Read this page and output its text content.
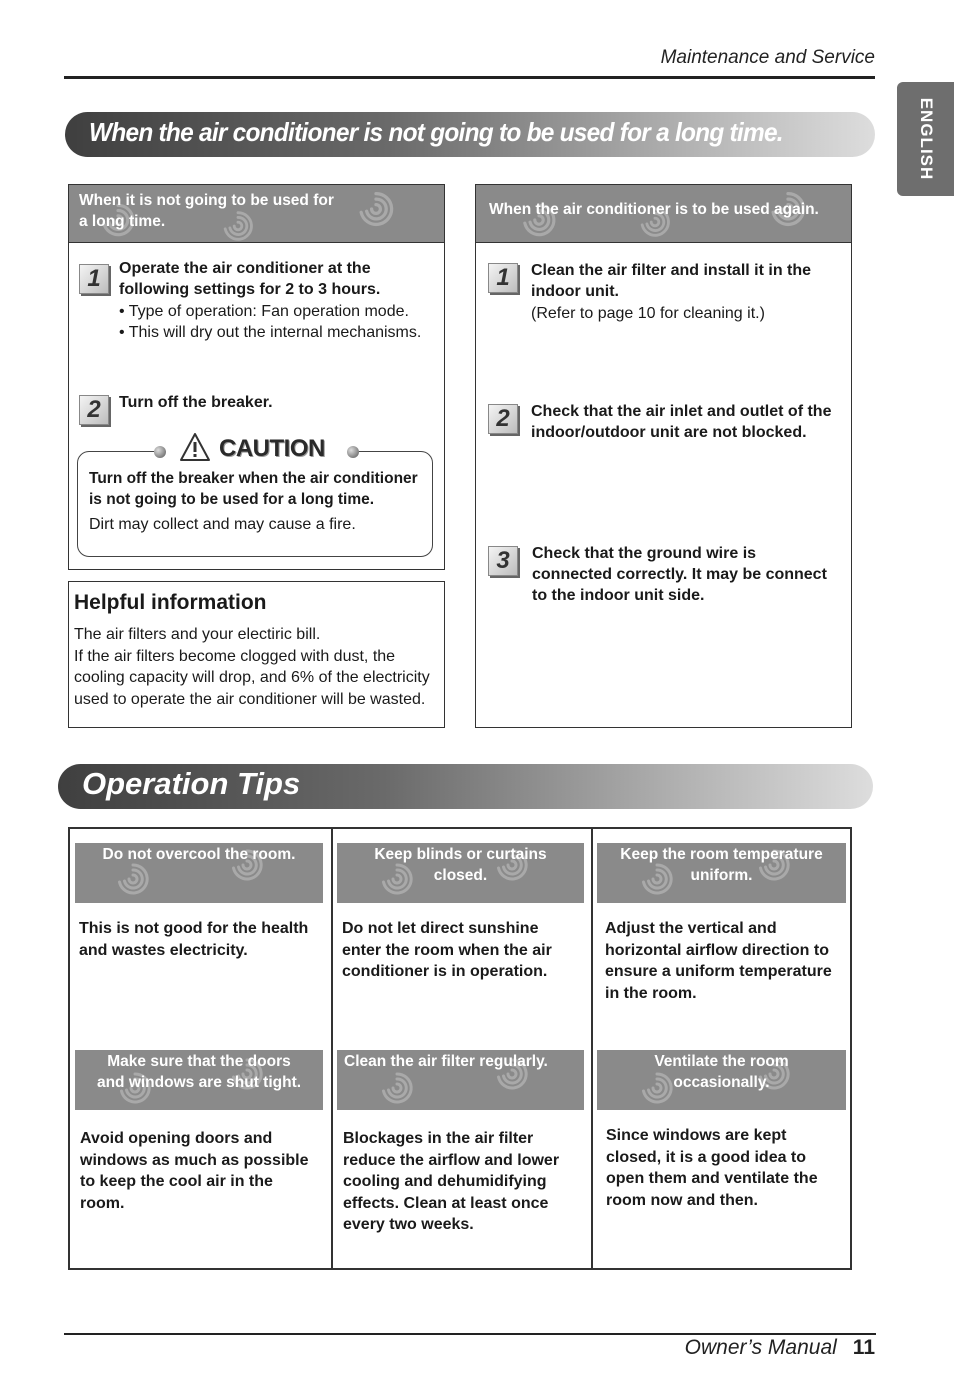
Maintenance and Service
ENGLISH
When the air conditioner is not going to be used for a long time.
When it is not going to be used for
a long time.
1	Operate the air conditioner at the
following settings for 2 to 3 hours.
• Type of operation: Fan operation mode.
• This will dry out the internal mechanisms.
2	Turn off the breaker.
CAUTION
Turn off the breaker when the air conditioner
is not going to be used for a long time.
Dirt may collect and may cause a fire.
Helpful information
The air filters and your electiric bill.
If the air filters become clogged with dust, the
cooling capacity will drop, and 6% of the electricity
used to operate the air conditioner will be wasted.
When the air conditioner is to be used again.
1	Clean the air filter and install it in the
indoor unit.
(Refer to page 10 for cleaning it.)
2	Check that the air inlet and outlet of the
indoor/outdoor unit are not blocked.
3	Check that the ground wire is
connected correctly. It may be connect
to the indoor unit side.
Operation Tips
Do not overcool the room.
This is not good for the health
and wastes electricity.
Keep blinds or curtains
closed.
Do not let direct sunshine
enter the room when the air
conditioner is in operation.
Keep the room temperature
uniform.
Adjust the vertical and
horizontal airflow direction to
ensure a uniform temperature
in the room.
Make sure that the doors
and windows are shut tight.
Avoid opening doors and
windows as much as possible
to keep the cool air in the
room.
Clean the air filter regularly.
Blockages in the air filter
reduce the airflow and lower
cooling and dehumidifying
effects. Clean at least once
every two weeks.
Ventilate the room
occasionally.
Since windows are kept
closed, it is a good idea to
open them and ventilate the
room now and then.
Owner’s Manual 11
